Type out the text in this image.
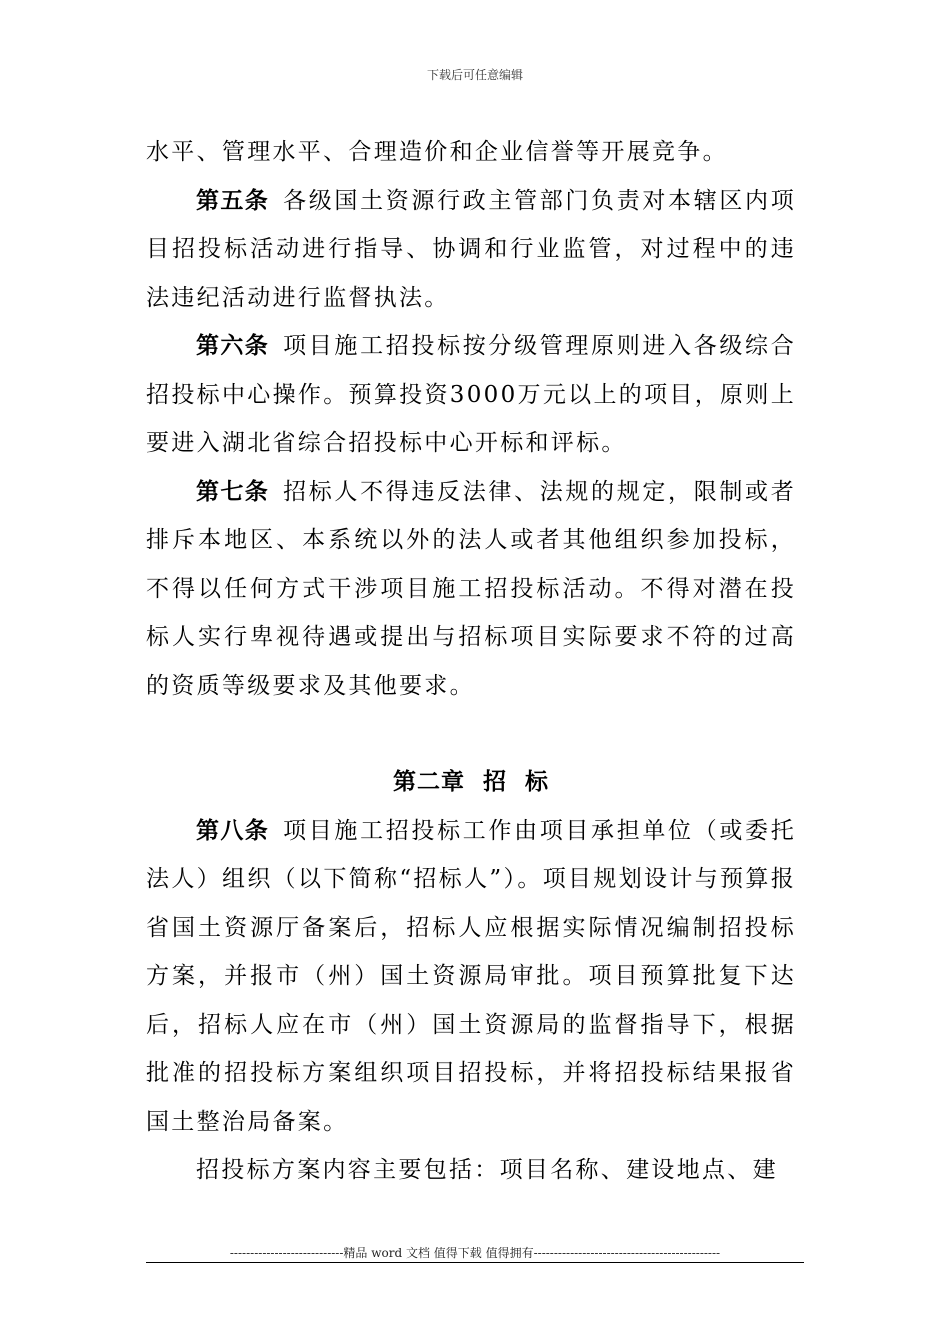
下载后可任意编辑

水平、管理水平、合理造价和企业信誉等开展竞争。

第五条 各级国土资源行政主管部门负责对本辖区内项目招投标活动进行指导、协调和行业监管，对过程中的违法违纪活动进行监督执法。

第六条 项目施工招投标按分级管理原则进入各级综合招投标中心操作。预算投资3000万元以上的项目，原则上要进入湖北省综合招投标中心开标和评标。

第七条 招标人不得违反法律、法规的规定，限制或者排斥本地区、本系统以外的法人或者其他组织参加投标，不得以任何方式干涉项目施工招投标活动。不得对潜在投标人实行卑视待遇或提出与招标项目实际要求不符的过高的资质等级要求及其他要求。

第二章  招  标

第八条 项目施工招投标工作由项目承担单位（或委托法人）组织（以下简称“招标人”）。项目规划设计与预算报省国土资源厅备案后，招标人应根据实际情况编制招投标方案，并报市（州）国土资源局审批。项目预算批复下达后，招标人应在市（州）国土资源局的监督指导下，根据批准的招投标方案组织项目招投标，并将招投标结果报省国土整治局备案。

招投标方案内容主要包括：项目名称、建设地点、建

----------------------------精品 word 文档 值得下载 值得拥有----------------------------------------------
